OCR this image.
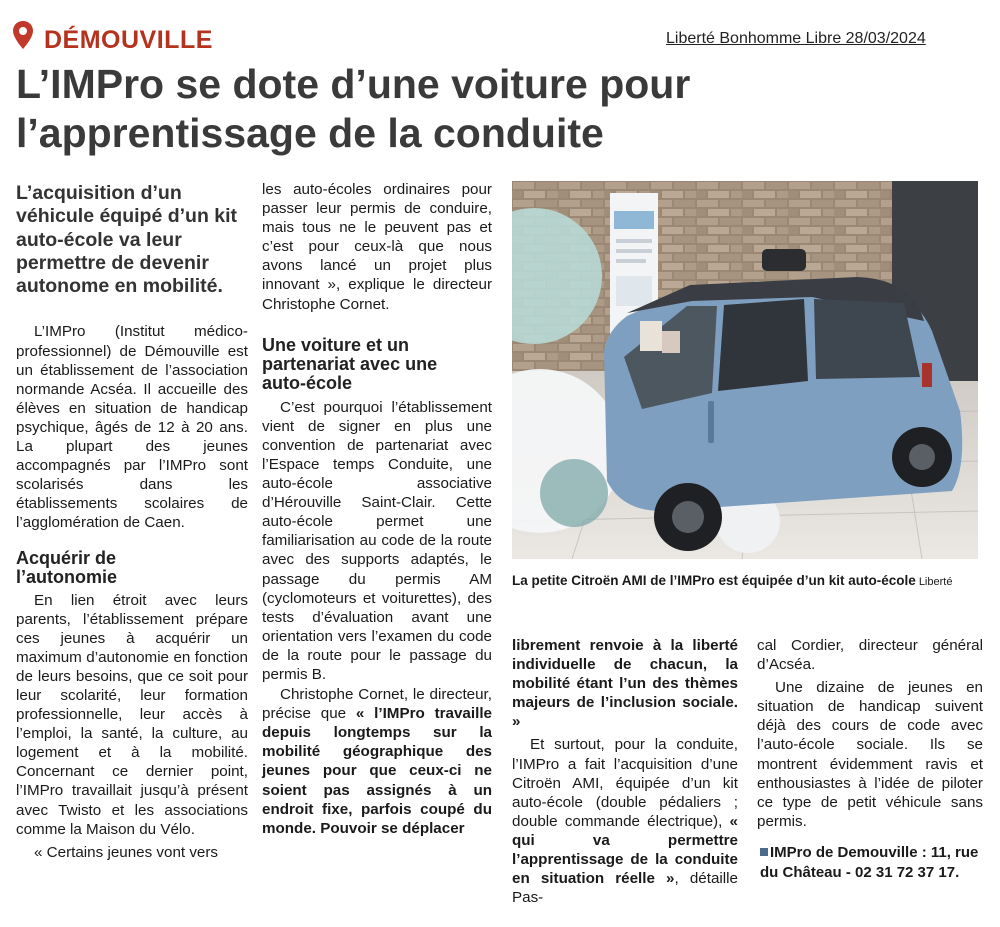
DÉMOUVILLE	Liberté Bonhomme Libre 28/03/2024
L’IMPro se dote d’une voiture pour l’apprentissage de la conduite

L’acquisition d’un véhicule équipé d’un kit auto-école va leur permettre de devenir autonome en mobilité.

L’IMPro (Institut médico-professionnel) de Démouville est un établissement de l’association normande Acséa. Il accueille des élèves en situation de handicap psychique, âgés de 12 à 20 ans. La plupart des jeunes accompagnés par l’IMPro sont scolarisés dans les établissements scolaires de l’agglomération de Caen.

Acquérir de l’autonomie

En lien étroit avec leurs parents, l’établissement prépare ces jeunes à acquérir un maximum d’autonomie en fonction de leurs besoins, que ce soit pour leur scolarité, leur formation professionnelle, leur accès à l’emploi, la santé, la culture, au logement et à la mobilité. Concernant ce dernier point, l’IMPro travaillait jusqu’à présent avec Twisto et les associations comme la Maison du Vélo.

« Certains jeunes vont vers

les auto-écoles ordinaires pour passer leur permis de conduire, mais tous ne le peuvent pas et c’est pour ceux-là que nous avons lancé un projet plus innovant », explique le directeur Christophe Cornet.

Une voiture et un partenariat avec une auto-école

C’est pourquoi l’établissement vient de signer en plus une convention de partenariat avec l’Espace temps Conduite, une auto-école associative d’Hérouville Saint-Clair. Cette auto-école permet une familiarisation au code de la route avec des supports adaptés, le passage du permis AM (cyclomoteurs et voiturettes), des tests d’évaluation avant une orientation vers l’examen du code de la route pour le passage du permis B.

Christophe Cornet, le directeur, précise que « l’IMPro travaille depuis longtemps sur la mobilité géographique des jeunes pour que ceux-ci ne soient pas assignés à un endroit fixe, parfois coupé du monde. Pouvoir se déplacer

La petite Citroën AMI de l’IMPro est équipée d’un kit auto-école Liberté

librement renvoie à la liberté individuelle de chacun, la mobilité étant l’un des thèmes majeurs de l’inclusion sociale. »

Et surtout, pour la conduite, l’IMPro a fait l’acquisition d’une Citroën AMI, équipée d’un kit auto-école (double pédaliers ; double commande électrique), « qui va permettre l’apprentissage de la conduite en situation réelle », détaille Pas-

cal Cordier, directeur général d’Acséa.

Une dizaine de jeunes en situation de handicap suivent déjà des cours de code avec l’auto-école sociale. Ils se montrent évidemment ravis et enthousiastes à l’idée de piloter ce type de petit véhicule sans permis.

IMPro de Demouville : 11, rue du Château - 02 31 72 37 17.
